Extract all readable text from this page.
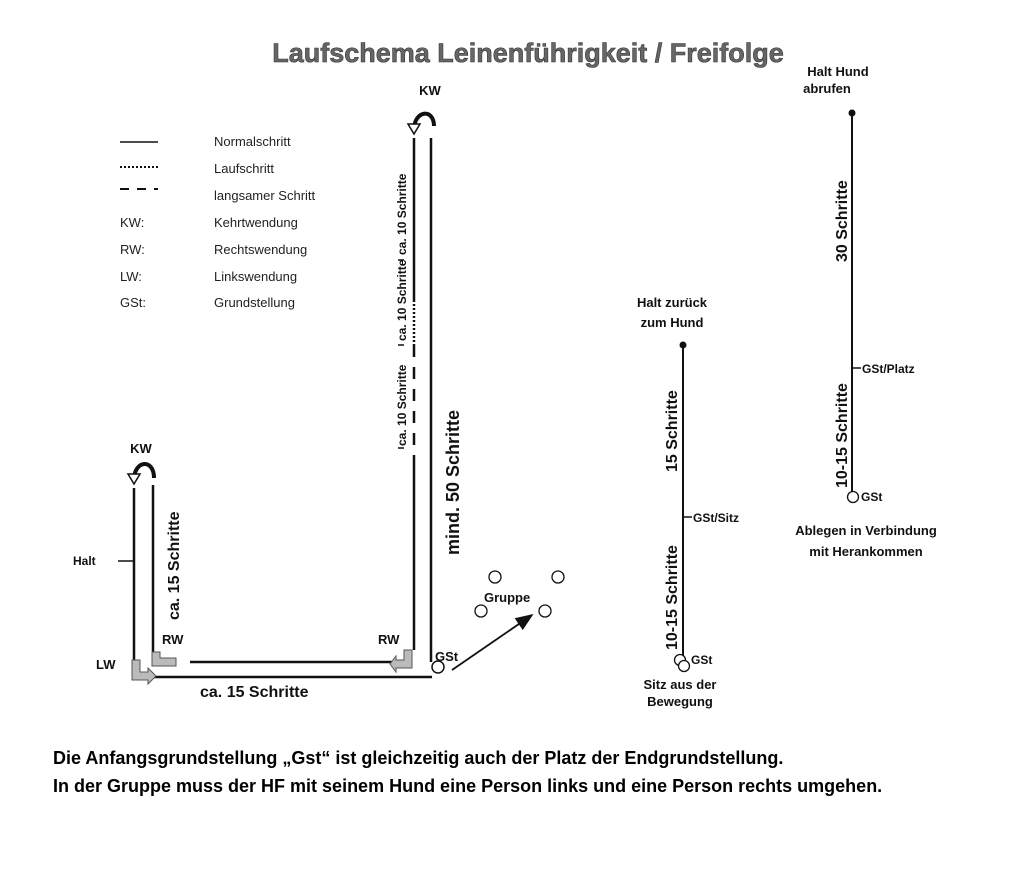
Laufschema Leinenführigkeit / Freifolge
KW:
RW:
LW:
GSt:
Normalschritt
Laufschritt
langsamer Schritt
Kehrtwendung
Rechtswendung
Linkswendung
Grundstellung
KW
KW
Halt
LW
RW	RW
GSt
Gruppe
ca. 15 Schritte
ca. 15 Schritte
mind. 50 Schritte
ca. 10 Schritte
ca. 10 Schritte
ca. 10 Schritte
Halt zurück
zum Hund
15 Schritte
10-15 Schritte
GSt/Sitz
GSt
Sitz aus der
Bewegung
Halt Hund
abrufen
30 Schritte
10-15 Schritte
GSt/Platz
GSt
Ablegen in Verbindung
mit Herankommen

Die Anfangsgrundstellung „Gst“ ist gleichzeitig auch der Platz der Endgrundstellung.

In der Gruppe muss der HF mit seinem Hund eine Person links und eine Person rechts umgehen.
